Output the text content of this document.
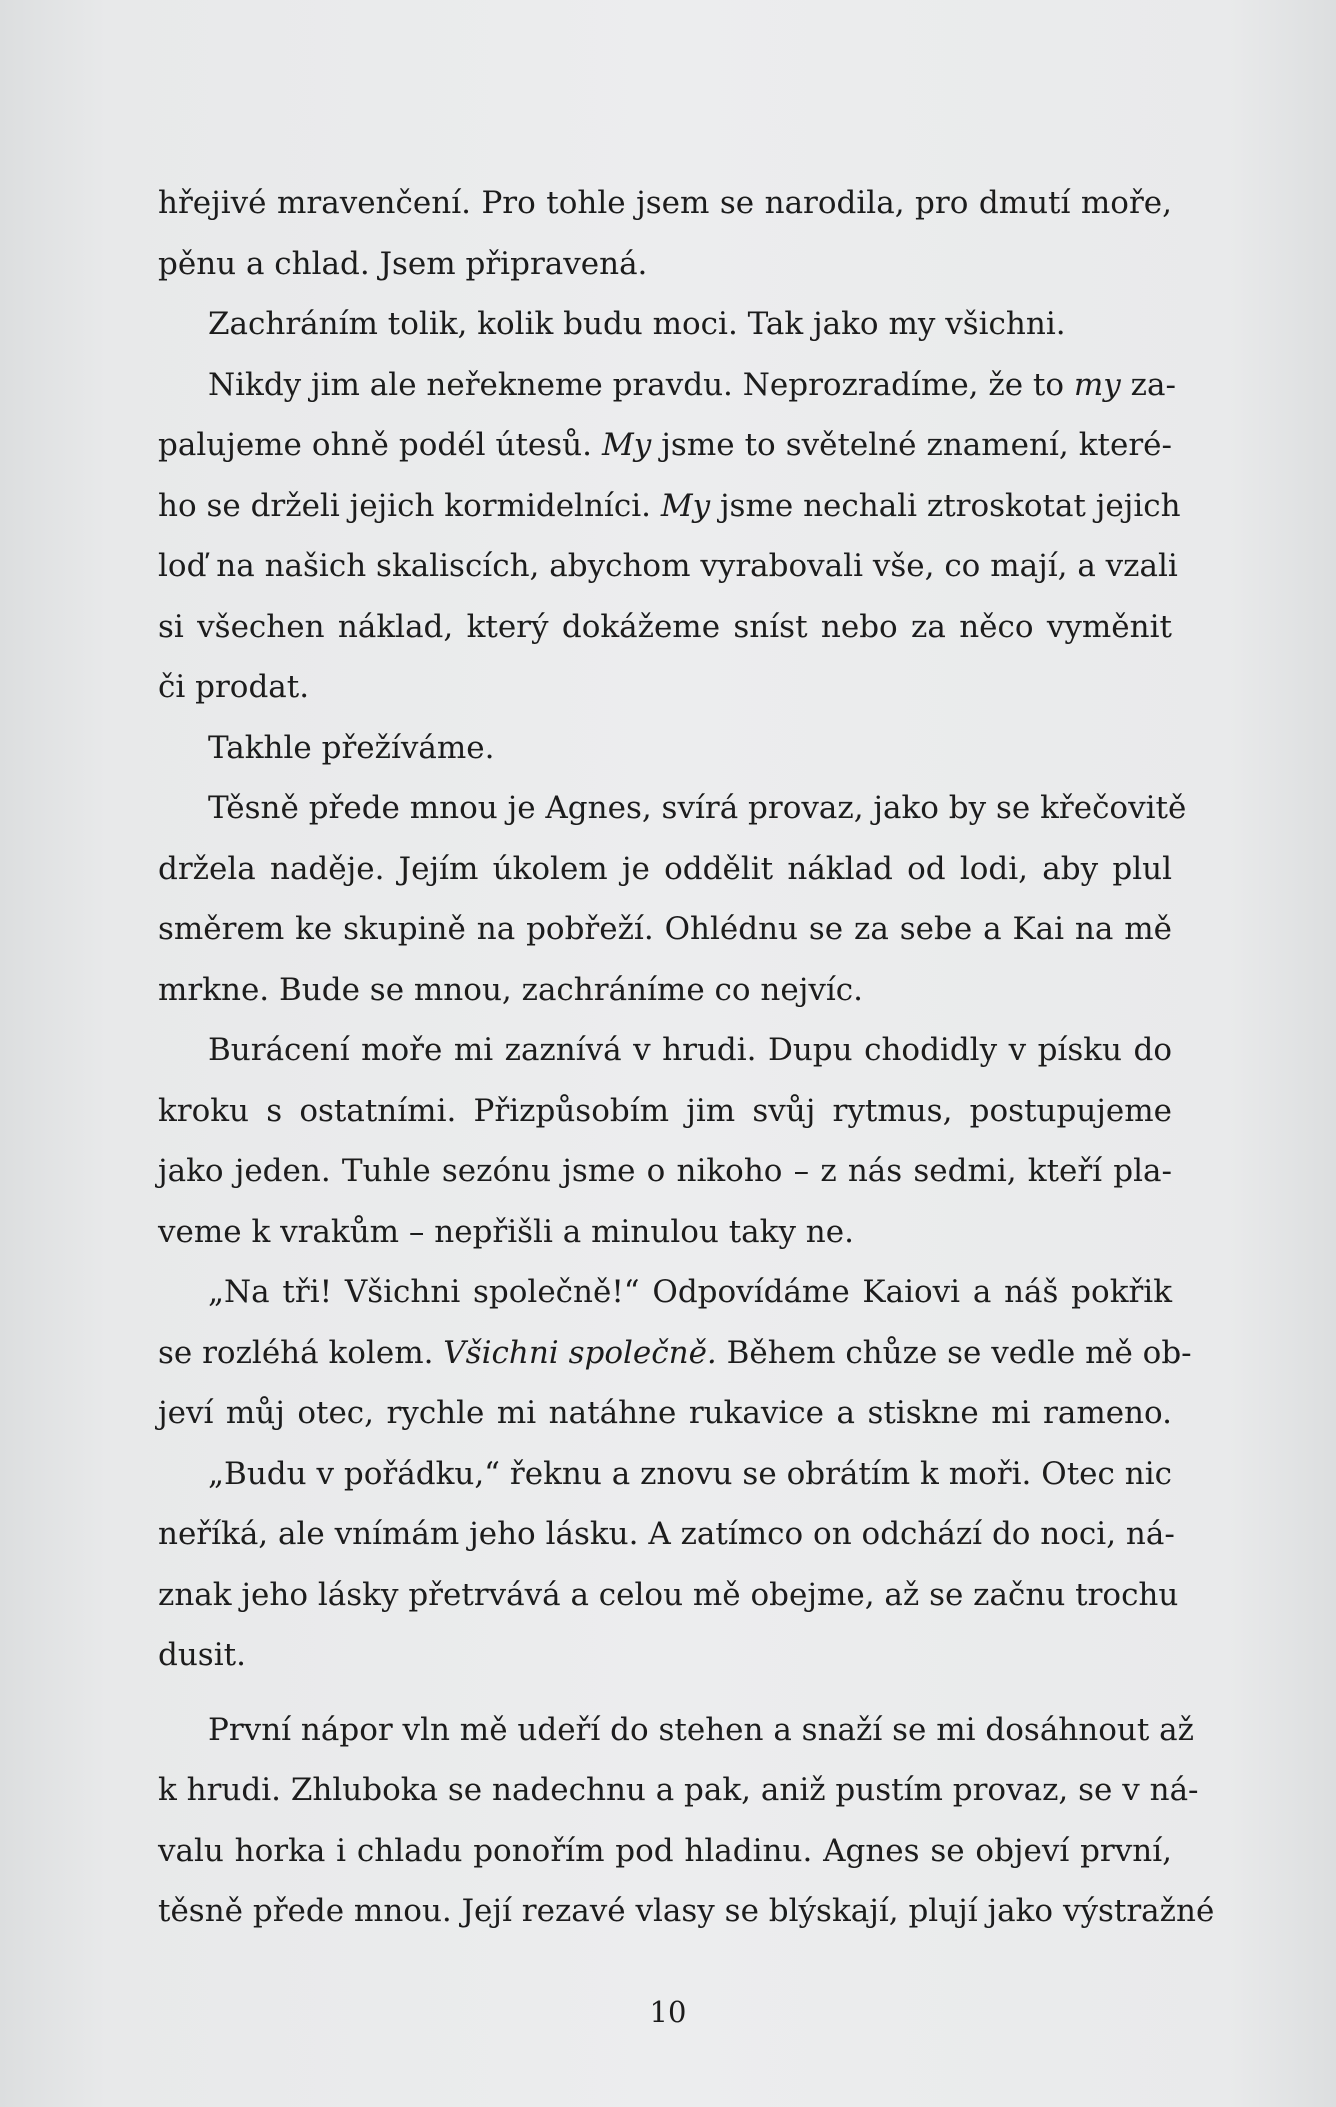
hřejivé mravenčení. Pro tohle jsem se narodila, pro dmutí moře,
pěnu a chlad. Jsem připravená.
Zachráním tolik, kolik budu moci. Tak jako my všichni.
Nikdy jim ale neřekneme pravdu. Neprozradíme, že to my za-
palujeme ohně podél útesů. My jsme to světelné znamení, které-
ho se drželi jejich kormidelníci. My jsme nechali ztroskotat jejich
loď na našich skaliscích, abychom vyrabovali vše, co mají, a vzali
si všechen náklad, který dokážeme sníst nebo za něco vyměnit
či prodat.
Takhle přežíváme.
Těsně přede mnou je Agnes, svírá provaz, jako by se křečovitě
držela naděje. Jejím úkolem je oddělit náklad od lodi, aby plul
směrem ke skupině na pobřeží. Ohlédnu se za sebe a Kai na mě
mrkne. Bude se mnou, zachráníme co nejvíc.
Burácení moře mi zaznívá v hrudi. Dupu chodidly v písku do
kroku s ostatními. Přizpůsobím jim svůj rytmus, postupujeme
jako jeden. Tuhle sezónu jsme o nikoho – z nás sedmi, kteří pla-
veme k vrakům – nepřišli a minulou taky ne.
„Na tři! Všichni společně!“ Odpovídáme Kaiovi a náš pokřik
se rozléhá kolem. Všichni společně. Během chůze se vedle mě ob-
jeví můj otec, rychle mi natáhne rukavice a stiskne mi rameno.
„Budu v pořádku,“ řeknu a znovu se obrátím k moři. Otec nic
neříká, ale vnímám jeho lásku. A zatímco on odchází do noci, ná-
znak jeho lásky přetrvává a celou mě obejme, až se začnu trochu
dusit.
První nápor vln mě udeří do stehen a snaží se mi dosáhnout až
k hrudi. Zhluboka se nadechnu a pak, aniž pustím provaz, se v ná-
valu horka i chladu ponořím pod hladinu. Agnes se objeví první,
těsně přede mnou. Její rezavé vlasy se blýskají, plují jako výstražné
10
